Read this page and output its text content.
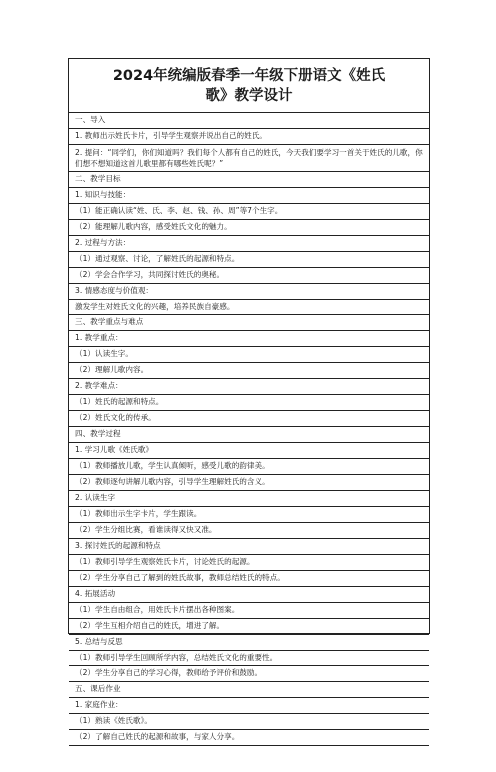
2024年统编版春季一年级下册语文《姓氏
歌》教学设计
一、导入
1. 教师出示姓氏卡片，引导学生观察并说出自己的姓氏。
2. 提问：“同学们，你们知道吗？我们每个人都有自己的姓氏，今天我们要学习一首关于姓氏的儿歌，你们想不想知道这首儿歌里都有哪些姓氏呢？”
二、教学目标
1. 知识与技能：
（1）能正确认读“姓、氏、李、赵、钱、孙、周”等7个生字。
（2）能理解儿歌内容，感受姓氏文化的魅力。
2. 过程与方法：
（1）通过观察、讨论，了解姓氏的起源和特点。
（2）学会合作学习，共同探讨姓氏的奥秘。
3. 情感态度与价值观：
激发学生对姓氏文化的兴趣，培养民族自豪感。
三、教学重点与难点
1. 教学重点：
（1）认读生字。
（2）理解儿歌内容。
2. 教学难点：
（1）姓氏的起源和特点。
（2）姓氏文化的传承。
四、教学过程
1. 学习儿歌《姓氏歌》
（1）教师播放儿歌，学生认真倾听，感受儿歌的韵律美。
（2）教师逐句讲解儿歌内容，引导学生理解姓氏的含义。
2. 认读生字
（1）教师出示生字卡片，学生跟读。
（2）学生分组比赛，看谁读得又快又准。
3. 探讨姓氏的起源和特点
（1）教师引导学生观察姓氏卡片，讨论姓氏的起源。
（2）学生分享自己了解到的姓氏故事，教师总结姓氏的特点。
4. 拓展活动
（1）学生自由组合，用姓氏卡片摆出各种图案。
（2）学生互相介绍自己的姓氏，增进了解。
5. 总结与反思
（1）教师引导学生回顾所学内容，总结姓氏文化的重要性。
（2）学生分享自己的学习心得，教师给予评价和鼓励。
五、课后作业
1. 家庭作业：
（1）熟读《姓氏歌》。
（2）了解自己姓氏的起源和故事，与家人分享。
